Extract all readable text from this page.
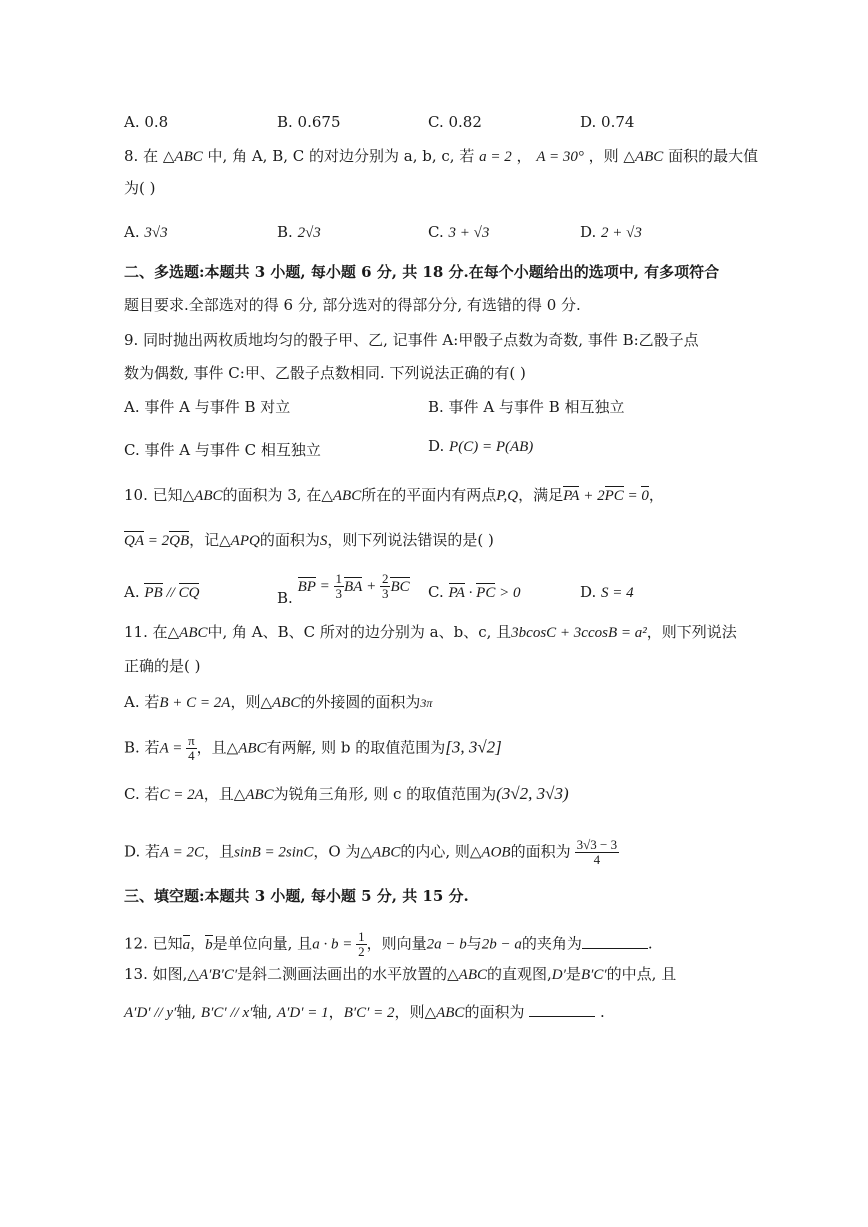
A. 0.8	B. 0.675	C. 0.82	D. 0.74
8. 在 △ABC 中, 角 A, B, C 的对边分别为 a, b, c, 若 a = 2 ， A = 30° ，则 △ABC 面积的最大值
为( )
A. 3√3	B. 2√3	C. 3 + √3	D. 2 + √3
二、多选题:本题共 3 小题, 每小题 6 分, 共 18 分.在每个小题给出的选项中, 有多项符合
题目要求.全部选对的得 6 分, 部分选对的得部分分, 有选错的得 0 分.
9. 同时抛出两枚质地均匀的骰子甲、乙, 记事件 A:甲骰子点数为奇数, 事件 B:乙骰子点
数为偶数, 事件 C:甲、乙骰子点数相同. 下列说法正确的有( )
A. 事件 A 与事件 B 对立	B. 事件 A 与事件 B 相互独立
C. 事件 A 与事件 C 相互独立	D. P(C) = P(AB)
10. 已知△ABC的面积为 3, 在△ABC所在的平面内有两点P,Q，满足PA + 2PC = 0，
QA = 2QB，记△APQ的面积为S，则下列说法错误的是( )
A. PB // CQ	B. BP = $\frac{1}{3}$ BA + $\frac{2}{3}$ BC C. PA · PC > 0	D. S = 4
11. 在△ABC中, 角 A、B、C 所对的边分别为 a、b、c, 且3bcosC + 3ccosB = a²，则下列说法
正确的是( )
A. 若B + C = 2A，则△ABC的外接圆的面积为3π
B. 若$A = \frac{\pi}{4}$ ，且△ABC有两解, 则 b 的取值范围为[3, 3√2]
C. 若C = 2A，且△ABC为锐角三角形, 则 c 的取值范围为(3√2, 3√3)
D. 若A = 2C，且sinB = 2sinC，O 为△ABC的内心, 则△AOB的面积为 $\frac{3√3 - 3}{4}$
三、填空题:本题共 3 小题, 每小题 5 分, 共 15 分.
12. 已知a，b是单位向量, 且$a \cdot b = \frac{1}{2}$ ，则向量2a − b与2b − a的夹角为	.
13. 如图,△A′B′C′是斜二测画法画出的水平放置的△ABC的直观图,D′是B′C′的中点, 且
A′D′ // y′轴, B′C′ // x′轴, A′D′ = 1，B′C′ = 2，则△ABC的面积为	.
